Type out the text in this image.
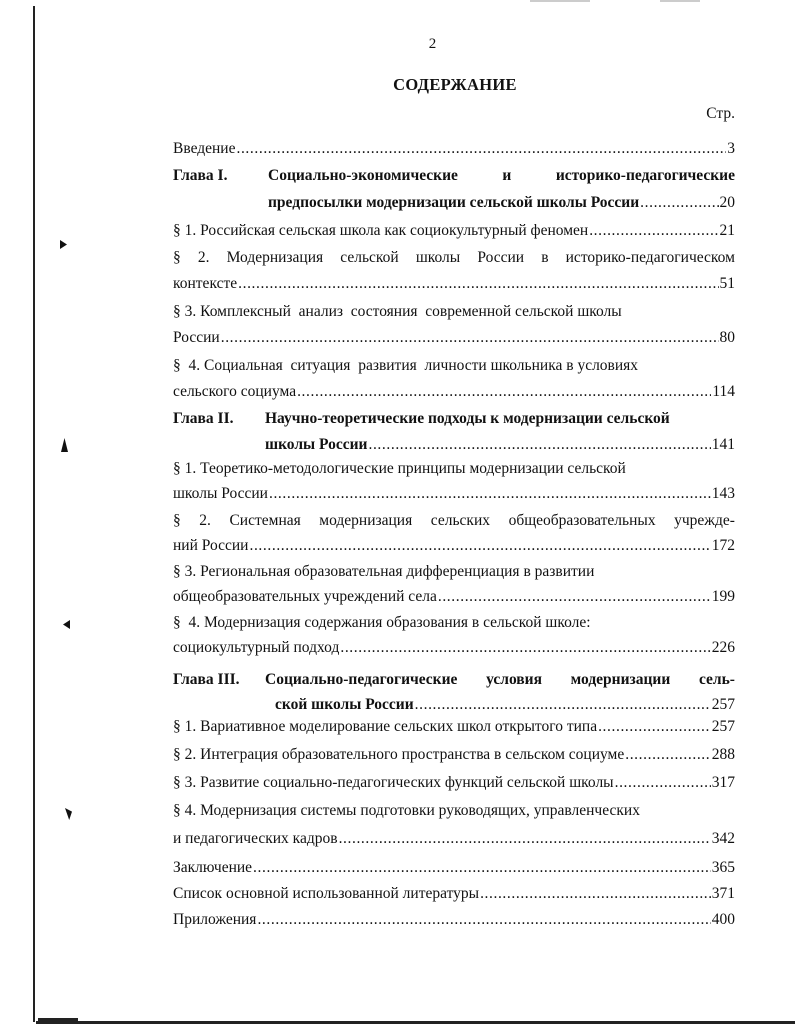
2
СОДЕРЖАНИЕ
Стр.
Введение .....	3
Глава I.	Социально-экономические	и	историко-педагогические
предпосылки модернизации сельской школы России .....	20
§ 1. Российская сельская школа как социокультурный феномен .....	21
§ 2. Модернизация сельской школы России в историко-педагогическом
контексте .....	51
§ 3. Комплексный  анализ  состояния  современной сельской школы
России .....	80
§  4. Социальная  ситуация  развития  личности школьника в условиях
сельского социума .....	114
Глава II. Научно-теоретические подходы к модернизации сельской
школы России .....	141
§ 1. Теоретико-методологические принципы модернизации сельской
школы России .....	143
§ 2. Системная модернизация сельских общеобразовательных учрежде-
ний России .....	172
§ 3. Региональная образовательная дифференциация в развитии
общеобразовательных учреждений села .....	199
§  4. Модернизация содержания образования в сельской школе:
социокультурный подход .....	226
Глава III. Социально-педагогические условия модернизации сель-
ской школы России .....	257
§ 1. Вариативное моделирование сельских школ открытого типа .....	257
§ 2. Интеграция образовательного пространства в сельском социуме .....	288
§ 3. Развитие социально-педагогических функций сельской школы .....	317
§ 4. Модернизация системы подготовки руководящих, управленческих
и педагогических кадров .....	342
Заключение .....	365
Список основной использованной литературы .....	371
Приложения .....	400
